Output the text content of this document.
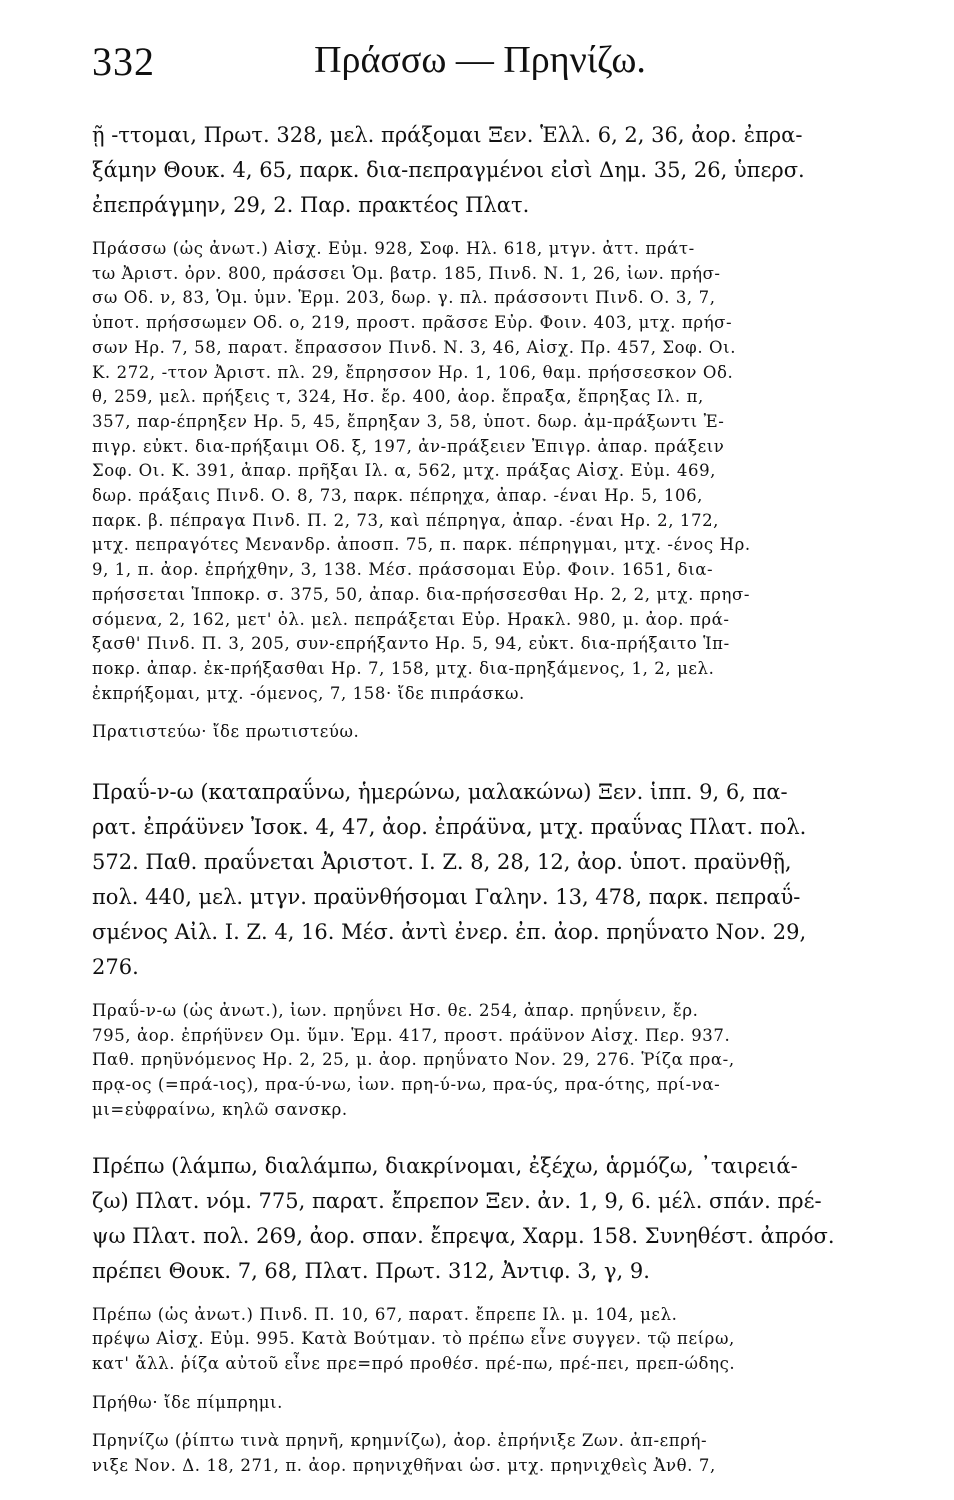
332	Πράσσω — Πρηνίζω.
ῇ -ττομαι, Πρωτ. 328, μελ. πράξομαι Ξεν. Ἑλλ. 6, 2, 36, ἀορ. ἐπρα-
ξάμην Θουκ. 4, 65, παρκ. δια-πεπραγμένοι εἰσὶ Δημ. 35, 26, ὑπερσ.
ἐπεπράγμην, 29, 2. Παρ. πρακτέος Πλατ.
Πράσσω (ὡς ἀνωτ.) Αἰσχ. Εὐμ. 928, Σοφ. Ηλ. 618, μτγν. ἀττ. πράτ-
τω Ἀριστ. ὀρν. 800, πράσσει Ὁμ. βατρ. 185, Πινδ. Ν. 1, 26, ἰων. πρήσ-
σω Οδ. ν, 83, Ὁμ. ὑμν. Ἑρμ. 203, δωρ. γ. πλ. πράσσοντι Πινδ. Ο. 3, 7,
ὑποτ. πρήσσωμεν Οδ. ο, 219, προστ. πρᾶσσε Εὐρ. Φοιν. 403, μτχ. πρήσ-
σων Ηρ. 7, 58, παρατ. ἔπρασσον Πινδ. Ν. 3, 46, Αἰσχ. Πρ. 457, Σοφ. Οι.
Κ. 272, -ττον Ἀριστ. πλ. 29, ἔπρησσον Ηρ. 1, 106, θαμ. πρήσσεσκον Οδ.
θ, 259, μελ. πρήξεις τ, 324, Ησ. ἔρ. 400, ἀορ. ἔπραξα, ἔπρηξας Ιλ. π,
357, παρ-έπρηξεν Ηρ. 5, 45, ἔπρηξαν 3, 58, ὑποτ. δωρ. ἀμ-πράξωντι Ἐ-
πιγρ. εὐκτ. δια-πρήξαιμι Οδ. ξ, 197, ἀν-πράξειεν Ἐπιγρ. ἀπαρ. πράξειν
Σοφ. Οι. Κ. 391, ἀπαρ. πρῆξαι Ιλ. α, 562, μτχ. πράξας Αἰσχ. Εὐμ. 469,
δωρ. πράξαις Πινδ. Ο. 8, 73, παρκ. πέπρηχα, ἀπαρ. -έναι Ηρ. 5, 106,
παρκ. β. πέπραγα Πινδ. Π. 2, 73, καὶ πέπρηγα, ἀπαρ. -έναι Ηρ. 2, 172,
μτχ. πεπραγότες Μενανδρ. ἀποσπ. 75, π. παρκ. πέπρηγμαι, μτχ. -ένος Ηρ.
9, 1, π. ἀορ. ἐπρήχθην, 3, 138. Μέσ. πράσσομαι Εὐρ. Φοιν. 1651, δια-
πρήσσεται Ἱπποκρ. σ. 375, 50, ἀπαρ. δια-πρήσσεσθαι Ηρ. 2, 2, μτχ. πρησ-
σόμενα, 2, 162, μετ' ὀλ. μελ. πεπράξεται Εὐρ. Ηρακλ. 980, μ. ἀορ. πρά-
ξασθ' Πινδ. Π. 3, 205, συν-επρήξαντο Ηρ. 5, 94, εὐκτ. δια-πρήξαιτο Ἱπ-
ποκρ. ἀπαρ. ἐκ-πρήξασθαι Ηρ. 7, 158, μτχ. δια-πρηξάμενος, 1, 2, μελ.
ἐκπρήξομαι, μτχ. -όμενος, 7, 158· ἴδε πιπράσκω.
Πρατιστεύω· ἴδε πρωτιστεύω.
Πραΰ-ν-ω (καταπραΰνω, ἡμερώνω, μαλακώνω) Ξεν. ἱππ. 9, 6, πα-
ρατ. ἐπράϋνεν Ἰσοκ. 4, 47, ἀορ. ἐπράϋνα, μτχ. πραΰνας Πλατ. πολ.
572. Παθ. πραΰνεται Ἀριστοτ. Ι. Ζ. 8, 28, 12, ἀορ. ὑποτ. πραϋνθῇ,
πολ. 440, μελ. μτγν. πραϋνθήσομαι Γαλην. 13, 478, παρκ. πεπραΰ-
σμένος Αἰλ. Ι. Ζ. 4, 16. Μέσ. ἀντὶ ἐνερ. ἐπ. ἀορ. πρηΰνατο Νον. 29,
276.
Πραΰ-ν-ω (ὡς ἀνωτ.), ἰων. πρηΰνει Ησ. θε. 254, ἀπαρ. πρηΰνειν, ἔρ.
795, ἀορ. ἐπρήϋνεν Ομ. ὕμν. Ἑρμ. 417, προστ. πράϋνον Αἰσχ. Περ. 937.
Παθ. πρηϋνόμενος Ηρ. 2, 25, μ. ἀορ. πρηΰνατο Νον. 29, 276. Ῥίζα πρα-,
πρᾳ-ος (=πρά-ιος), πρα-ύ-νω, ἰων. πρη-ύ-νω, πρα-ύς, πρα-ότης, πρί-να-
μι=εὐφραίνω, κηλῶ σανσκρ.
Πρέπω (λάμπω, διαλάμπω, διακρίνομαι, ἐξέχω, ἁρμόζω, ᾿ταιρειά-
ζω) Πλατ. νόμ. 775, παρατ. ἔπρεπον Ξεν. ἀν. 1, 9, 6. μέλ. σπάν. πρέ-
ψω Πλατ. πολ. 269, ἀορ. σπαν. ἔπρεψα, Χαρμ. 158. Συνηθέστ. ἀπρόσ.
πρέπει Θουκ. 7, 68, Πλατ. Πρωτ. 312, Ἀντιφ. 3, γ, 9.
Πρέπω (ὡς ἀνωτ.) Πινδ. Π. 10, 67, παρατ. ἔπρεπε Ιλ. μ. 104, μελ.
πρέψω Αἰσχ. Εὐμ. 995. Κατὰ Βούτμαν. τὸ πρέπω εἶνε συγγεν. τῷ πείρω,
κατ' ἄλλ. ῥίζα αὐτοῦ εἶνε πρε=πρό προθέσ. πρέ-πω, πρέ-πει, πρεπ-ώδης.
Πρήθω· ἴδε πίμπρημι.
Πρηνίζω (ῥίπτω τινὰ πρηνῆ, κρημνίζω), ἀορ. ἐπρήνιξε Ζων. ἀπ-επρή-
νιξε Νον. Δ. 18, 271, π. ἀορ. πρηνιχθῆναι ὡσ. μτχ. πρηνιχθεὶς Ἀνθ. 7,
